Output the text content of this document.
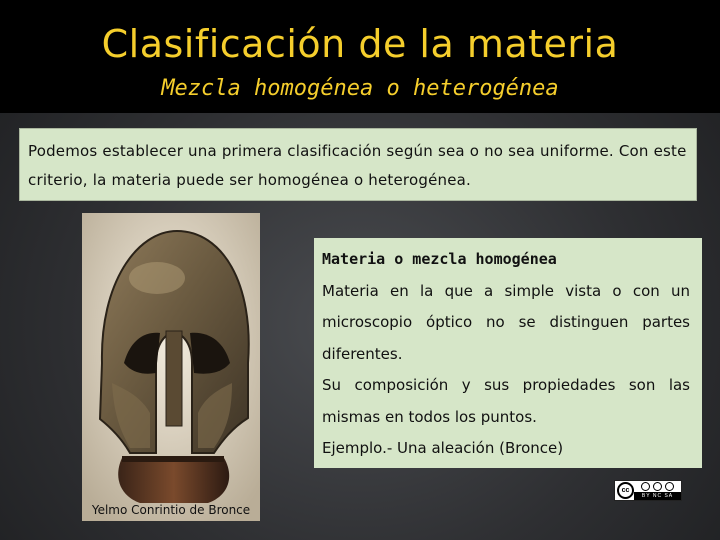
Clasificación de la materia
Mezcla homogénea o heterogénea

Podemos establecer una primera clasificación según sea o no sea uniforme. Con este criterio, la materia puede ser homogénea o heterogénea.

Yelmo Conrintio de Bronce
Materia o mezcla homogénea

Materia en la que a simple vista o con un microscopio óptico no se distinguen partes diferentes.

Su composición y sus propiedades son las mismas en todos los puntos.

Ejemplo.- Una aleación (Bronce)

cc
BY NC SA
